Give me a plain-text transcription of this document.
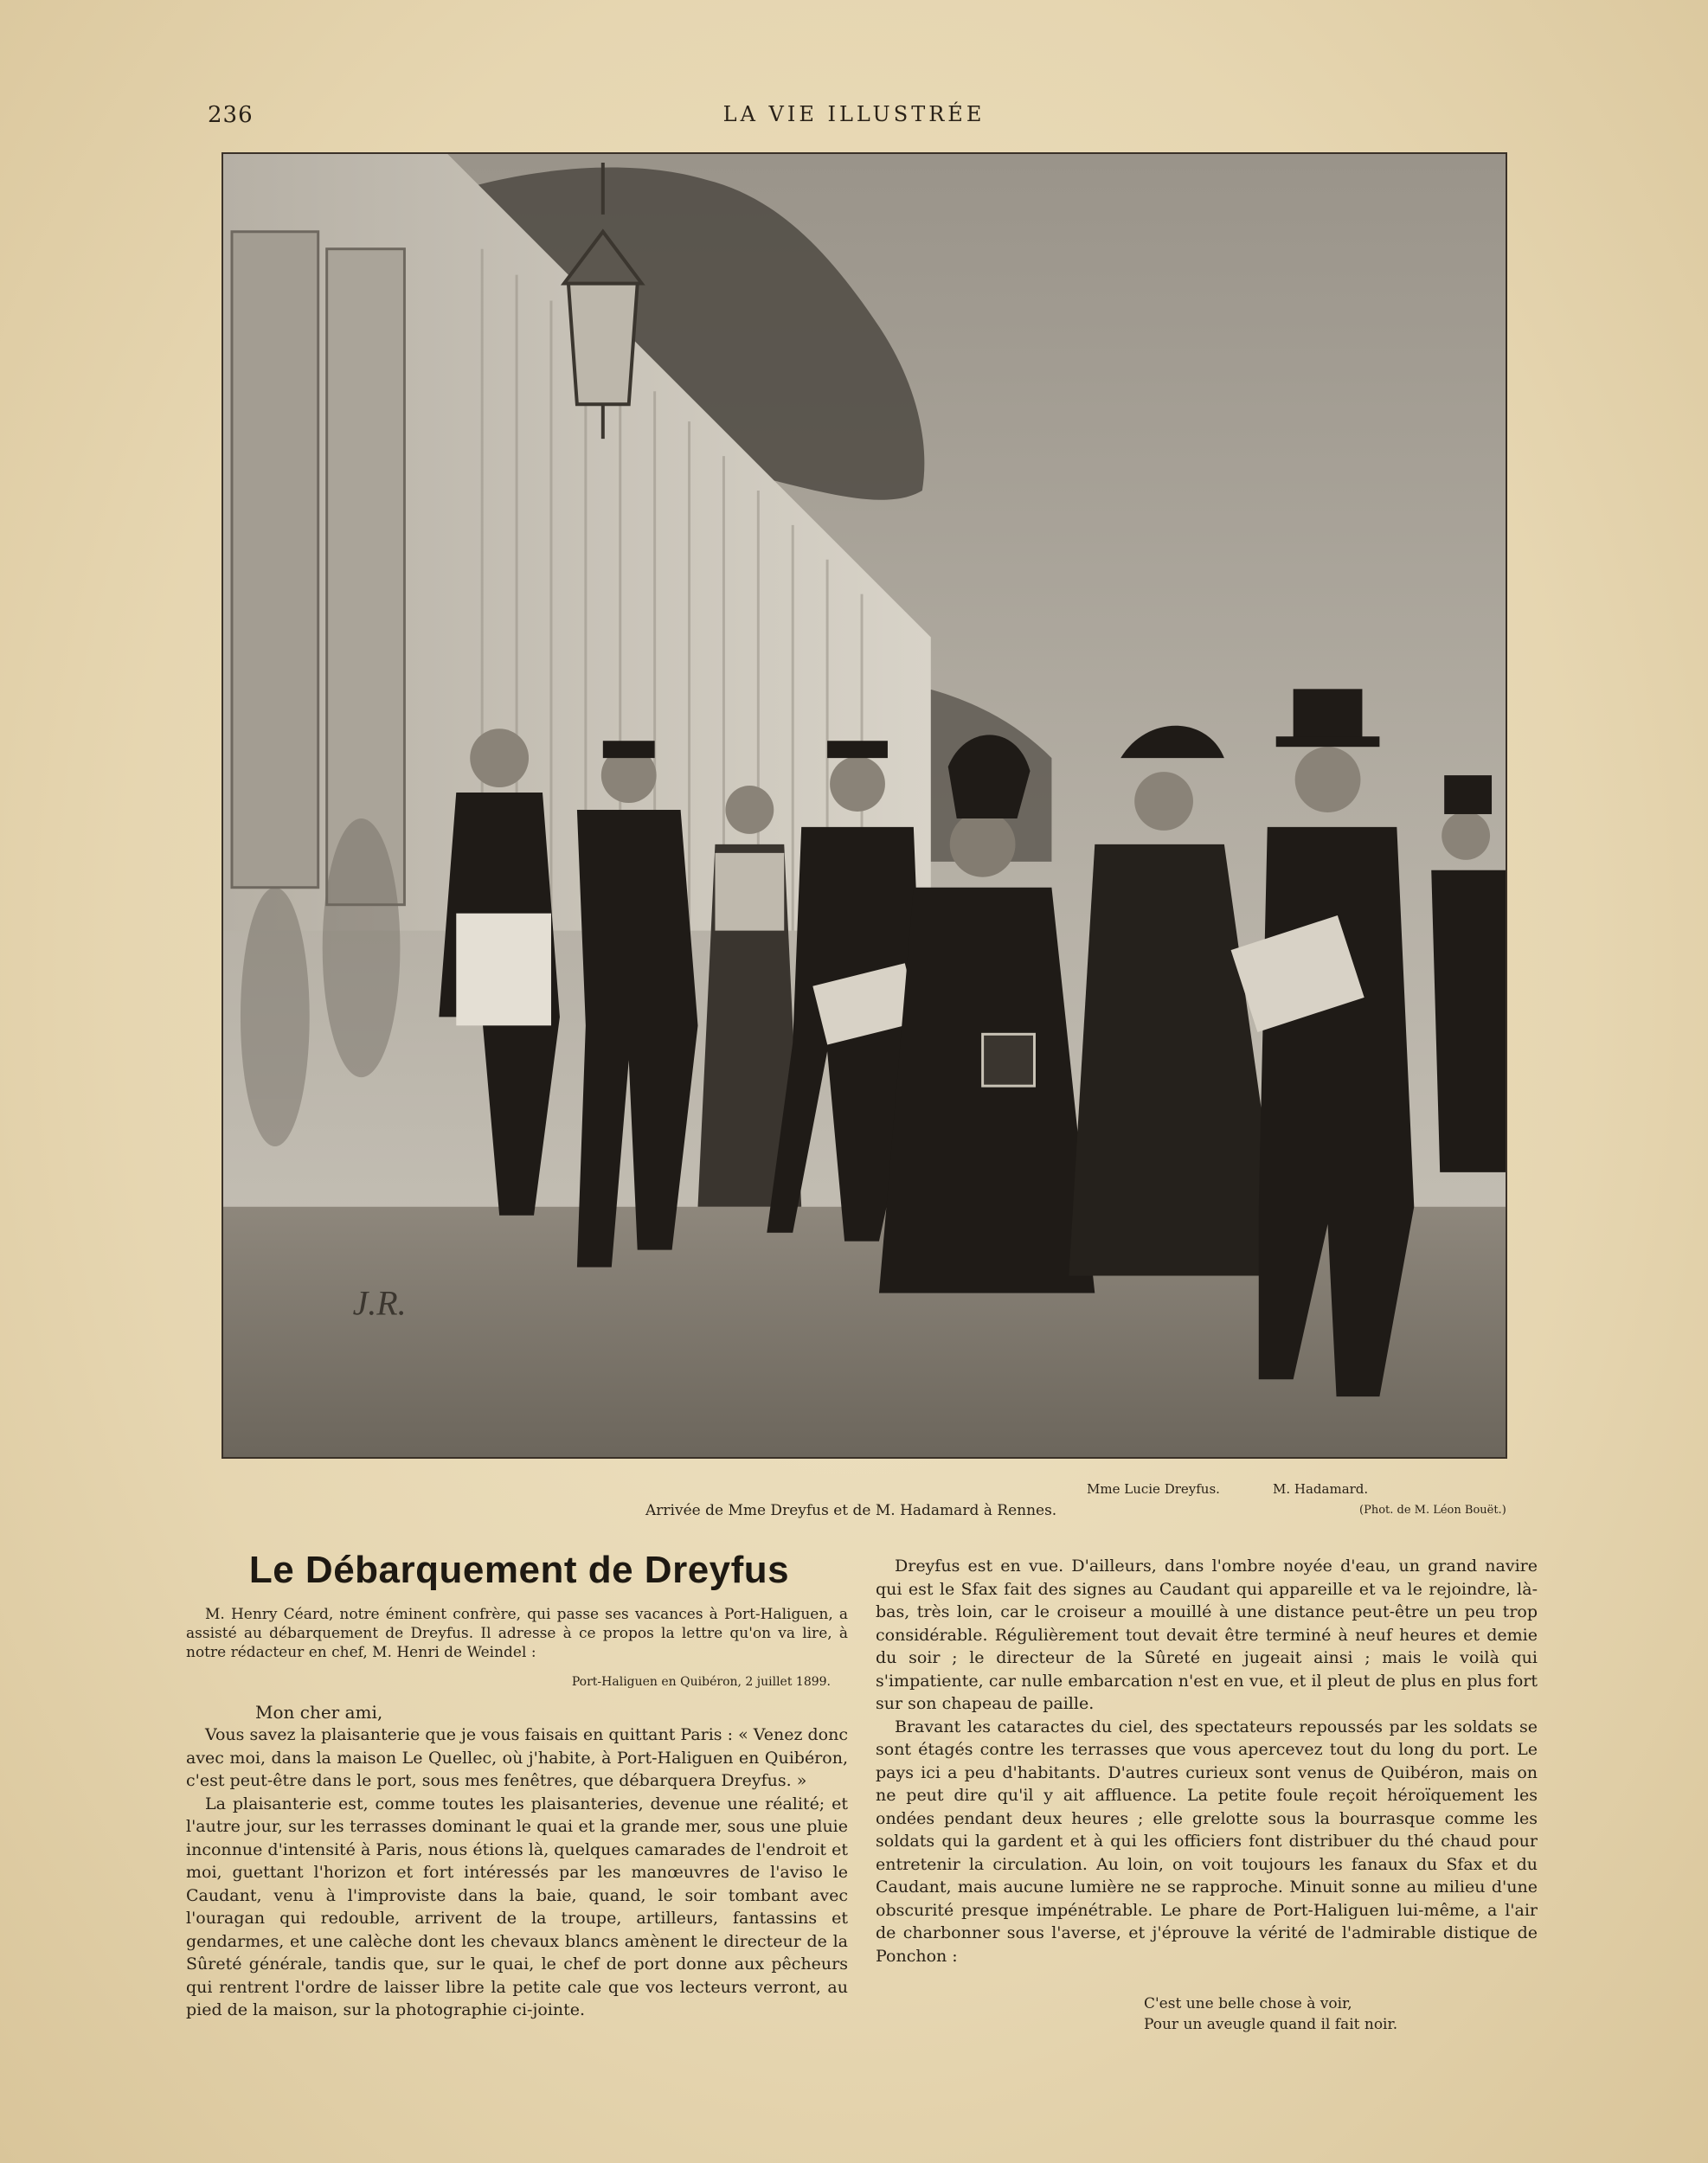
236	LA VIE ILLUSTRÉE
J.R.
Mme Lucie Dreyfus.	M. Hadamard.
Arrivée de Mme Dreyfus et de M. Hadamard à Rennes.	(Phot. de M. Léon Bouët.)
Le Débarquement de Dreyfus

M. Henry Céard, notre éminent confrère, qui passe ses vacances à Port-Haliguen, a assisté au débarquement de Dreyfus. Il adresse à ce propos la lettre qu'on va lire, à notre rédacteur en chef, M. Henri de Weindel :

Port-Haliguen en Quibéron, 2 juillet 1899.

Mon cher ami,

Vous savez la plaisanterie que je vous faisais en quittant Paris : « Venez donc avec moi, dans la maison Le Quellec, où j'habite, à Port-Haliguen en Quibéron, c'est peut-être dans le port, sous mes fenêtres, que débarquera Dreyfus. »

La plaisanterie est, comme toutes les plaisanteries, devenue une réalité; et l'autre jour, sur les terrasses dominant le quai et la grande mer, sous une pluie inconnue d'intensité à Paris, nous étions là, quelques camarades de l'endroit et moi, guettant l'horizon et fort intéressés par les manœuvres de l'aviso le Caudant, venu à l'improviste dans la baie, quand, le soir tombant avec l'ouragan qui redouble, arrivent de la troupe, artilleurs, fantassins et gendarmes, et une calèche dont les chevaux blancs amènent le directeur de la Sûreté générale, tandis que, sur le quai, le chef de port donne aux pêcheurs qui rentrent l'ordre de laisser libre la petite cale que vos lecteurs verront, au pied de la maison, sur la photographie ci-jointe.

Dreyfus est en vue. D'ailleurs, dans l'ombre noyée d'eau, un grand navire qui est le Sfax fait des signes au Caudant qui appareille et va le rejoindre, là-bas, très loin, car le croiseur a mouillé à une distance peut-être un peu trop considérable. Régulièrement tout devait être terminé à neuf heures et demie du soir ; le directeur de la Sûreté en jugeait ainsi ; mais le voilà qui s'impatiente, car nulle embarcation n'est en vue, et il pleut de plus en plus fort sur son chapeau de paille.

Bravant les cataractes du ciel, des spectateurs repoussés par les soldats se sont étagés contre les terrasses que vous apercevez tout du long du port. Le pays ici a peu d'habitants. D'autres curieux sont venus de Quibéron, mais on ne peut dire qu'il y ait affluence. La petite foule reçoit héroïquement les ondées pendant deux heures ; elle grelotte sous la bourrasque comme les soldats qui la gardent et à qui les officiers font distribuer du thé chaud pour entretenir la circulation. Au loin, on voit toujours les fanaux du Sfax et du Caudant, mais aucune lumière ne se rapproche. Minuit sonne au milieu d'une obscurité presque impénétrable. Le phare de Port-Haliguen lui-même, a l'air de charbonner sous l'averse, et j'éprouve la vérité de l'admirable distique de Ponchon :

C'est une belle chose à voir,
Pour un aveugle quand il fait noir.
